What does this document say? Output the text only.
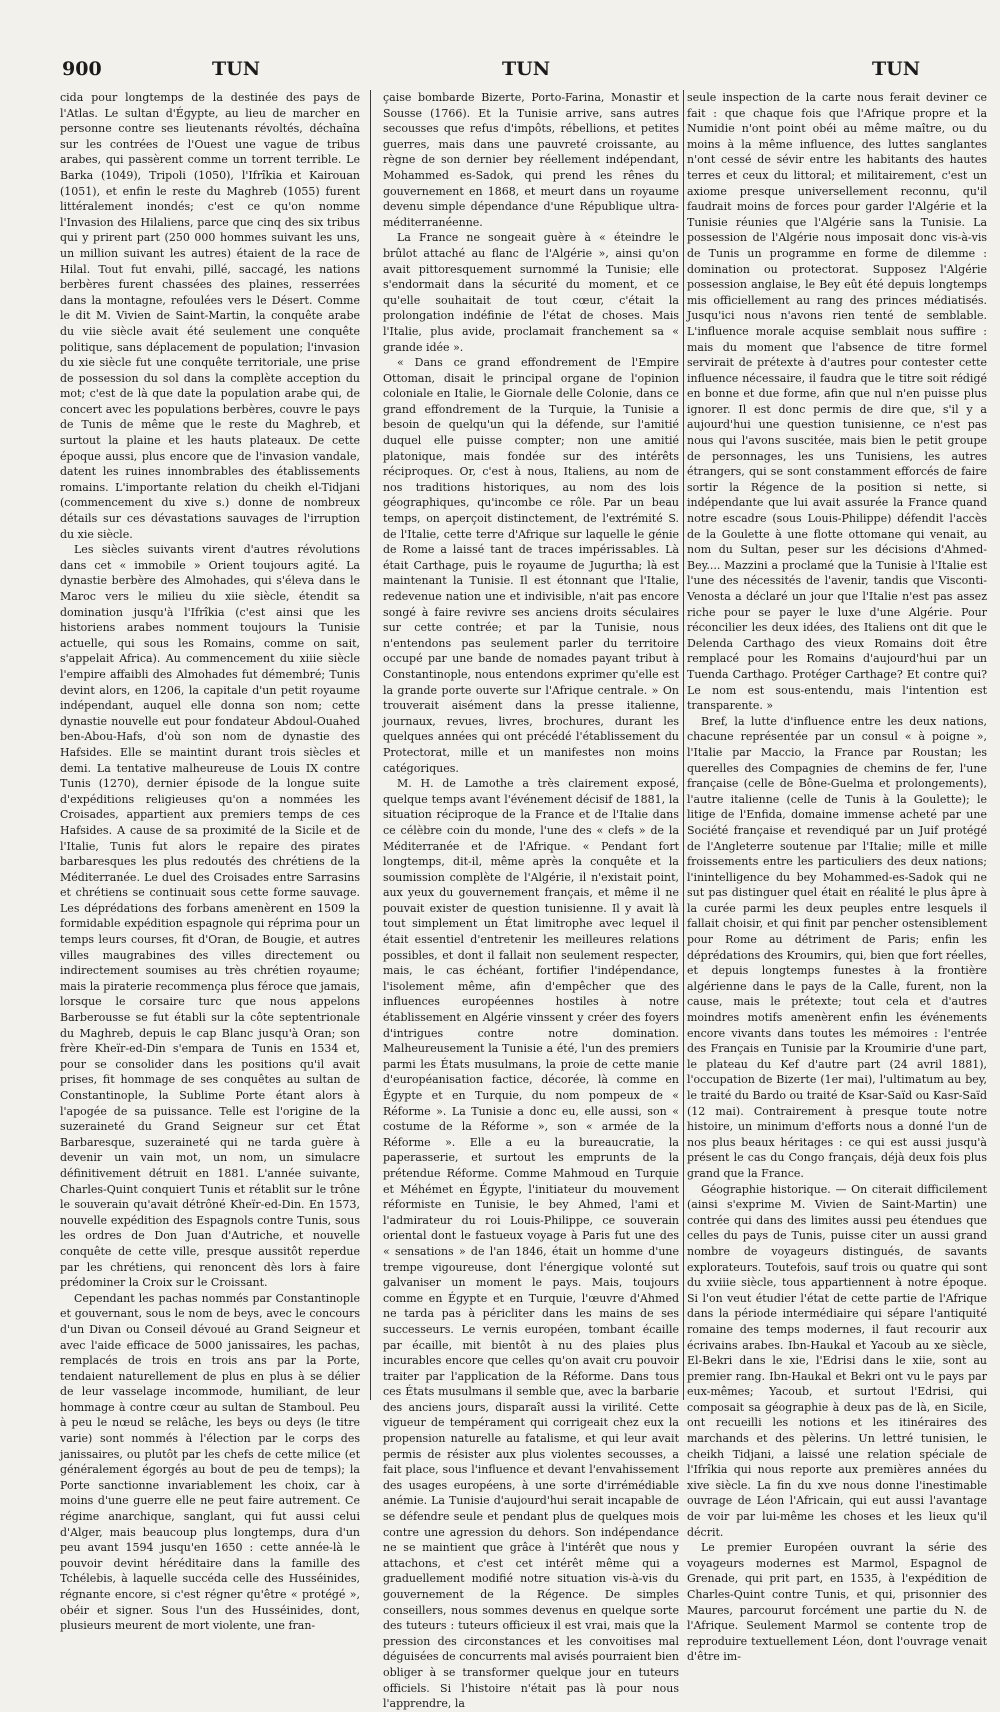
900	TUN	TUN	TUN

cida pour longtemps de la destinée des pays de l'Atlas. Le sultan d'Égypte, au lieu de marcher en personne contre ses lieutenants révoltés, déchaîna sur les contrées de l'Ouest une vague de tribus arabes, qui passèrent comme un torrent terrible. Le Barka (1049), Tripoli (1050), l'Ifrîkia et Kairouan (1051), et enfin le reste du Maghreb (1055) furent littéralement inondés; c'est ce qu'on nomme l'Invasion des Hilaliens, parce que cinq des six tribus qui y prirent part (250 000 hommes suivant les uns, un million suivant les autres) étaient de la race de Hilal. Tout fut envahi, pillé, saccagé, les nations berbères furent chassées des plaines, resserrées dans la montagne, refoulées vers le Désert. Comme le dit M. Vivien de Saint-Martin, la conquête arabe du viie siècle avait été seulement une conquête politique, sans déplacement de population; l'invasion du xie siècle fut une conquête territoriale, une prise de possession du sol dans la complète acception du mot; c'est de là que date la population arabe qui, de concert avec les populations berbères, couvre le pays de Tunis de même que le reste du Maghreb, et surtout la plaine et les hauts plateaux. De cette époque aussi, plus encore que de l'invasion vandale, datent les ruines innombrables des établissements romains. L'importante relation du cheikh el-Tidjani (commencement du xive s.) donne de nombreux détails sur ces dévastations sauvages de l'irruption du xie siècle.

Les siècles suivants virent d'autres révolutions dans cet « immobile » Orient toujours agité. La dynastie berbère des Almohades, qui s'éleva dans le Maroc vers le milieu du xiie siècle, étendit sa domination jusqu'à l'Ifrîkia (c'est ainsi que les historiens arabes nomment toujours la Tunisie actuelle, qui sous les Romains, comme on sait, s'appelait Africa). Au commencement du xiiie siècle l'empire affaibli des Almohades fut démembré; Tunis devint alors, en 1206, la capitale d'un petit royaume indépendant, auquel elle donna son nom; cette dynastie nouvelle eut pour fondateur Abdoul-Ouahed ben-Abou-Hafs, d'où son nom de dynastie des Hafsides. Elle se maintint durant trois siècles et demi. La tentative malheureuse de Louis IX contre Tunis (1270), dernier épisode de la longue suite d'expéditions religieuses qu'on a nommées les Croisades, appartient aux premiers temps de ces Hafsides. A cause de sa proximité de la Sicile et de l'Italie, Tunis fut alors le repaire des pirates barbaresques les plus redoutés des chrétiens de la Méditerranée. Le duel des Croisades entre Sarrasins et chrétiens se continuait sous cette forme sauvage. Les déprédations des forbans amenèrent en 1509 la formidable expédition espagnole qui réprima pour un temps leurs courses, fit d'Oran, de Bougie, et autres villes maugrabines des villes directement ou indirectement soumises au très chrétien royaume; mais la piraterie recommença plus féroce que jamais, lorsque le corsaire turc que nous appelons Barberousse se fut établi sur la côte septentrionale du Maghreb, depuis le cap Blanc jusqu'à Oran; son frère Kheïr-ed-Din s'empara de Tunis en 1534 et, pour se consolider dans les positions qu'il avait prises, fit hommage de ses conquêtes au sultan de Constantinople, la Sublime Porte étant alors à l'apogée de sa puissance. Telle est l'origine de la suzeraineté du Grand Seigneur sur cet État Barbaresque, suzeraineté qui ne tarda guère à devenir un vain mot, un nom, un simulacre définitivement détruit en 1881. L'année suivante, Charles-Quint conquiert Tunis et rétablit sur le trône le souverain qu'avait détrôné Kheïr-ed-Din. En 1573, nouvelle expédition des Espagnols contre Tunis, sous les ordres de Don Juan d'Autriche, et nouvelle conquête de cette ville, presque aussitôt reperdue par les chrétiens, qui renoncent dès lors à faire prédominer la Croix sur le Croissant.

Cependant les pachas nommés par Constantinople et gouvernant, sous le nom de beys, avec le concours d'un Divan ou Conseil dévoué au Grand Seigneur et avec l'aide efficace de 5000 janissaires, les pachas, remplacés de trois en trois ans par la Porte, tendaient naturellement de plus en plus à se délier de leur vasselage incommode, humiliant, de leur hommage à contre cœur au sultan de Stamboul. Peu à peu le nœud se relâche, les beys ou deys (le titre varie) sont nommés à l'élection par le corps des janissaires, ou plutôt par les chefs de cette milice (et généralement égorgés au bout de peu de temps); la Porte sanctionne invariablement les choix, car à moins d'une guerre elle ne peut faire autrement. Ce régime anarchique, sanglant, qui fut aussi celui d'Alger, mais beaucoup plus longtemps, dura d'un peu avant 1594 jusqu'en 1650 : cette année-là le pouvoir devint héréditaire dans la famille des Tchélebis, à laquelle succéda celle des Husséinides, régnante encore, si c'est régner qu'être « protégé », obéir et signer. Sous l'un des Husséinides, dont, plusieurs meurent de mort violente, une fran-

çaise bombarde Bizerte, Porto-Farina, Monastir et Sousse (1766). Et la Tunisie arrive, sans autres secousses que refus d'impôts, rébellions, et petites guerres, mais dans une pauvreté croissante, au règne de son dernier bey réellement indépendant, Mohammed es-Sadok, qui prend les rênes du gouvernement en 1868, et meurt dans un royaume devenu simple dépendance d'une République ultra-méditerranéenne.

La France ne songeait guère à « éteindre le brûlot attaché au flanc de l'Algérie », ainsi qu'on avait pittoresquement surnommé la Tunisie; elle s'endormait dans la sécurité du moment, et ce qu'elle souhaitait de tout cœur, c'était la prolongation indéfinie de l'état de choses. Mais l'Italie, plus avide, proclamait franchement sa « grande idée ».

« Dans ce grand effondrement de l'Empire Ottoman, disait le principal organe de l'opinion coloniale en Italie, le Giornale delle Colonie, dans ce grand effondrement de la Turquie, la Tunisie a besoin de quelqu'un qui la défende, sur l'amitié duquel elle puisse compter; non une amitié platonique, mais fondée sur des intérêts réciproques. Or, c'est à nous, Italiens, au nom de nos traditions historiques, au nom des lois géographiques, qu'incombe ce rôle. Par un beau temps, on aperçoit distinctement, de l'extrémité S. de l'Italie, cette terre d'Afrique sur laquelle le génie de Rome a laissé tant de traces impérissables. Là était Carthage, puis le royaume de Jugurtha; là est maintenant la Tunisie. Il est étonnant que l'Italie, redevenue nation une et indivisible, n'ait pas encore songé à faire revivre ses anciens droits séculaires sur cette contrée; et par la Tunisie, nous n'entendons pas seulement parler du territoire occupé par une bande de nomades payant tribut à Constantinople, nous entendons exprimer qu'elle est la grande porte ouverte sur l'Afrique centrale. » On trouverait aisément dans la presse italienne, journaux, revues, livres, brochures, durant les quelques années qui ont précédé l'établissement du Protectorat, mille et un manifestes non moins catégoriques.

M. H. de Lamothe a très clairement exposé, quelque temps avant l'événement décisif de 1881, la situation réciproque de la France et de l'Italie dans ce célèbre coin du monde, l'une des « clefs » de la Méditerranée et de l'Afrique. « Pendant fort longtemps, dit-il, même après la conquête et la soumission complète de l'Algérie, il n'existait point, aux yeux du gouvernement français, et même il ne pouvait exister de question tunisienne. Il y avait là tout simplement un État limitrophe avec lequel il était essentiel d'entretenir les meilleures relations possibles, et dont il fallait non seulement respecter, mais, le cas échéant, fortifier l'indépendance, l'isolement même, afin d'empêcher que des influences européennes hostiles à notre établissement en Algérie vinssent y créer des foyers d'intrigues contre notre domination. Malheureusement la Tunisie a été, l'un des premiers parmi les États musulmans, la proie de cette manie d'européanisation factice, décorée, là comme en Égypte et en Turquie, du nom pompeux de « Réforme ». La Tunisie a donc eu, elle aussi, son « costume de la Réforme », son « armée de la Réforme ». Elle a eu la bureaucratie, la paperasserie, et surtout les emprunts de la prétendue Réforme. Comme Mahmoud en Turquie et Méhémet en Égypte, l'initiateur du mouvement réformiste en Tunisie, le bey Ahmed, l'ami et l'admirateur du roi Louis-Philippe, ce souverain oriental dont le fastueux voyage à Paris fut une des « sensations » de l'an 1846, était un homme d'une trempe vigoureuse, dont l'énergique volonté sut galvaniser un moment le pays. Mais, toujours comme en Égypte et en Turquie, l'œuvre d'Ahmed ne tarda pas à péricliter dans les mains de ses successeurs. Le vernis européen, tombant écaille par écaille, mit bientôt à nu des plaies plus incurables encore que celles qu'on avait cru pouvoir traiter par l'application de la Réforme. Dans tous ces États musulmans il semble que, avec la barbarie des anciens jours, disparaît aussi la virilité. Cette vigueur de tempérament qui corrigeait chez eux la propension naturelle au fatalisme, et qui leur avait permis de résister aux plus violentes secousses, a fait place, sous l'influence et devant l'envahissement des usages européens, à une sorte d'irrémédiable anémie. La Tunisie d'aujourd'hui serait incapable de se défendre seule et pendant plus de quelques mois contre une agression du dehors. Son indépendance ne se maintient que grâce à l'intérêt que nous y attachons, et c'est cet intérêt même qui a graduellement modifié notre situation vis-à-vis du gouvernement de la Régence. De simples conseillers, nous sommes devenus en quelque sorte des tuteurs : tuteurs officieux il est vrai, mais que la pression des circonstances et les convoitises mal déguisées de concurrents mal avisés pourraient bien obliger à se transformer quelque jour en tuteurs officiels. Si l'histoire n'était pas là pour nous l'apprendre, la

seule inspection de la carte nous ferait deviner ce fait : que chaque fois que l'Afrique propre et la Numidie n'ont point obéi au même maître, ou du moins à la même influence, des luttes sanglantes n'ont cessé de sévir entre les habitants des hautes terres et ceux du littoral; et militairement, c'est un axiome presque universellement reconnu, qu'il faudrait moins de forces pour garder l'Algérie et la Tunisie réunies que l'Algérie sans la Tunisie. La possession de l'Algérie nous imposait donc vis-à-vis de Tunis un programme en forme de dilemme : domination ou protectorat. Supposez l'Algérie possession anglaise, le Bey eût été depuis longtemps mis officiellement au rang des princes médiatisés. Jusqu'ici nous n'avons rien tenté de semblable. L'influence morale acquise semblait nous suffire : mais du moment que l'absence de titre formel servirait de prétexte à d'autres pour contester cette influence nécessaire, il faudra que le titre soit rédigé en bonne et due forme, afin que nul n'en puisse plus ignorer. Il est donc permis de dire que, s'il y a aujourd'hui une question tunisienne, ce n'est pas nous qui l'avons suscitée, mais bien le petit groupe de personnages, les uns Tunisiens, les autres étrangers, qui se sont constamment efforcés de faire sortir la Régence de la position si nette, si indépendante que lui avait assurée la France quand notre escadre (sous Louis-Philippe) défendit l'accès de la Goulette à une flotte ottomane qui venait, au nom du Sultan, peser sur les décisions d'Ahmed-Bey.... Mazzini a proclamé que la Tunisie à l'Italie est l'une des nécessités de l'avenir, tandis que Visconti-Venosta a déclaré un jour que l'Italie n'est pas assez riche pour se payer le luxe d'une Algérie. Pour réconcilier les deux idées, des Italiens ont dit que le Delenda Carthago des vieux Romains doit être remplacé pour les Romains d'aujourd'hui par un Tuenda Carthago. Protéger Carthage? Et contre qui? Le nom est sous-entendu, mais l'intention est transparente. »

Bref, la lutte d'influence entre les deux nations, chacune représentée par un consul « à poigne », l'Italie par Maccio, la France par Roustan; les querelles des Compagnies de chemins de fer, l'une française (celle de Bône-Guelma et prolongements), l'autre italienne (celle de Tunis à la Goulette); le litige de l'Enfida, domaine immense acheté par une Société française et revendiqué par un Juif protégé de l'Angleterre soutenue par l'Italie; mille et mille froissements entre les particuliers des deux nations; l'inintelligence du bey Mohammed-es-Sadok qui ne sut pas distinguer quel était en réalité le plus âpre à la curée parmi les deux peuples entre lesquels il fallait choisir, et qui finit par pencher ostensiblement pour Rome au détriment de Paris; enfin les déprédations des Kroumirs, qui, bien que fort réelles, et depuis longtemps funestes à la frontière algérienne dans le pays de la Calle, furent, non la cause, mais le prétexte; tout cela et d'autres moindres motifs amenèrent enfin les événements encore vivants dans toutes les mémoires : l'entrée des Français en Tunisie par la Kroumirie d'une part, le plateau du Kef d'autre part (24 avril 1881), l'occupation de Bizerte (1er mai), l'ultimatum au bey, le traité du Bardo ou traité de Ksar-Saïd ou Kasr-Saïd (12 mai). Contrairement à presque toute notre histoire, un minimum d'efforts nous a donné l'un de nos plus beaux héritages : ce qui est aussi jusqu'à présent le cas du Congo français, déjà deux fois plus grand que la France.

Géographie historique. — On citerait difficilement (ainsi s'exprime M. Vivien de Saint-Martin) une contrée qui dans des limites aussi peu étendues que celles du pays de Tunis, puisse citer un aussi grand nombre de voyageurs distingués, de savants explorateurs. Toutefois, sauf trois ou quatre qui sont du xviiie siècle, tous appartiennent à notre époque. Si l'on veut étudier l'état de cette partie de l'Afrique dans la période intermédiaire qui sépare l'antiquité romaine des temps modernes, il faut recourir aux écrivains arabes. Ibn-Haukal et Yacoub au xe siècle, El-Bekri dans le xie, l'Edrisi dans le xiie, sont au premier rang. Ibn-Haukal et Bekri ont vu le pays par eux-mêmes; Yacoub, et surtout l'Edrisi, qui composait sa géographie à deux pas de là, en Sicile, ont recueilli les notions et les itinéraires des marchands et des pèlerins. Un lettré tunisien, le cheikh Tidjani, a laissé une relation spéciale de l'Ifrîkia qui nous reporte aux premières années du xive siècle. La fin du xve nous donne l'inestimable ouvrage de Léon l'Africain, qui eut aussi l'avantage de voir par lui-même les choses et les lieux qu'il décrit.

Le premier Européen ouvrant la série des voyageurs modernes est Marmol, Espagnol de Grenade, qui prit part, en 1535, à l'expédition de Charles-Quint contre Tunis, et qui, prisonnier des Maures, parcourut forcément une partie du N. de l'Afrique. Seulement Marmol se contente trop de reproduire textuellement Léon, dont l'ouvrage venait d'être im-
